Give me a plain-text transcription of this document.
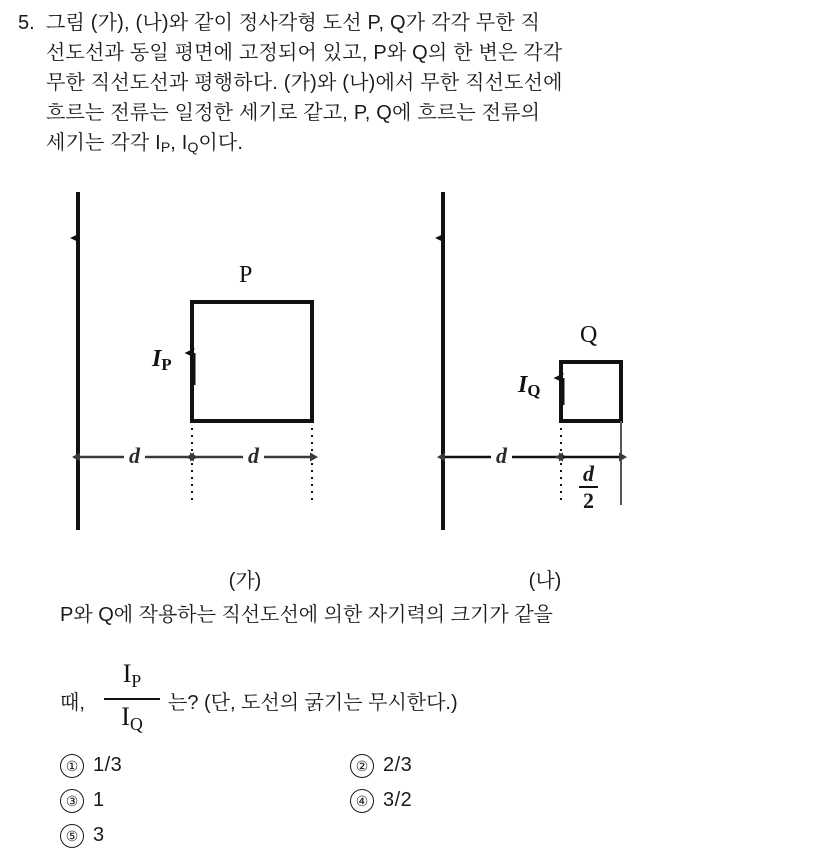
5. 그림 (가), (나)와 같이 정사각형 도선 P, Q가 각각 무한 직
선도선과 동일 평면에 고정되어 있고, P와 Q의 한 변은 각각
무한 직선도선과 평행하다. (가)와 (나)에서 무한 직선도선에
흐르는 전류는 일정한 세기로 같고, P, Q에 흐르는 전류의
세기는 각각 $I_P$, $I_Q$이다.
P
Q
IP
IQ
d	d	d
$\frac{d}{2}$
(가)	(나)
P와 Q에 작용하는 직선도선에 의한 자기력의 크기가 같을
때, $\frac{IP}{IQ}$ 는? (단, 도선의 굵기는 무시한다.)
① 1/3	② 2/3
③ 1	④ 3/2
⑤ 3
